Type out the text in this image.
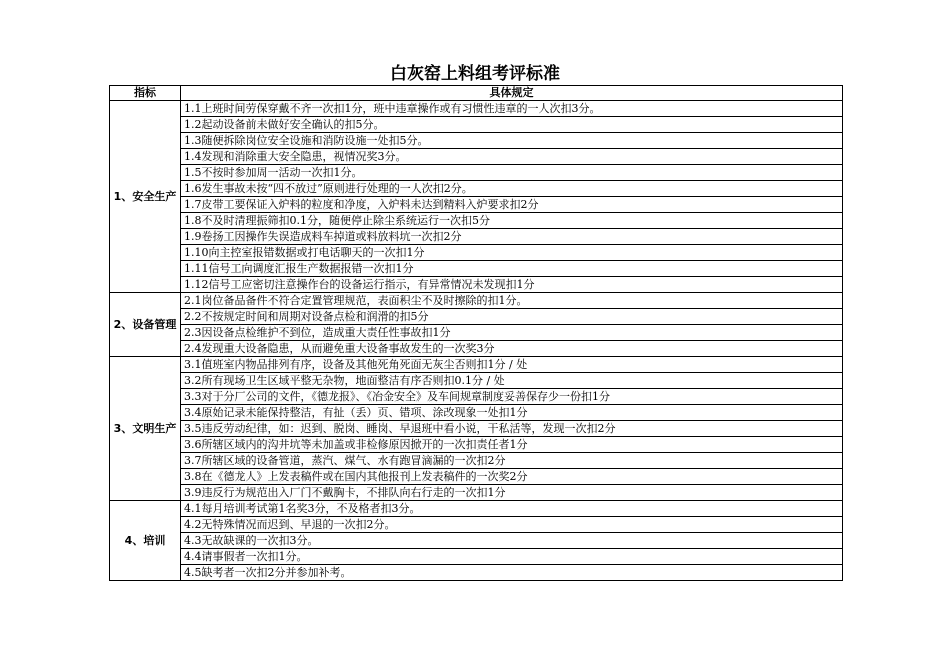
白灰窑上料组考评标准
指标	具体规定
1、安全生产	1.1上班时间劳保穿戴不齐一次扣1分，班中违章操作或有习惯性违章的一人次扣3分。
	1.2起动设备前未做好安全确认的扣5分。
	1.3随便拆除岗位安全设施和消防设施一处扣5分。
	1.4发现和消除重大安全隐患，视情况奖3分。
	1.5不按时参加周一活动一次扣1分。
	1.6发生事故未按“四不放过”原则进行处理的一人次扣2分。
	1.7皮带工要保证入炉料的粒度和净度，入炉料未达到精料入炉要求扣2分
	1.8不及时清理振筛扣0.1分，随便停止除尘系统运行一次扣5分
	1.9卷扬工因操作失误造成料车掉道或料放料坑一次扣2分
	1.10向主控室报错数据或打电话聊天的一次扣1分
	1.11信号工向调度汇报生产数据报错一次扣1分
	1.12信号工应密切注意操作台的设备运行指示，有异常情况未发现扣1分
2、设备管理	2.1岗位备品备件不符合定置管理规范，表面积尘不及时擦除的扣1分。
	2.2不按规定时间和周期对设备点检和润滑的扣5分
	2.3因设备点检维护不到位，造成重大责任性事故扣1分
	2.4发现重大设备隐患，从而避免重大设备事故发生的一次奖3分
3、文明生产	3.1值班室内物品排列有序，设备及其他死角死面无灰尘否则扣1分 / 处
	3.2所有现场卫生区域平整无杂物，地面整洁有序否则扣0.1分 / 处
	3.3对于分厂公司的文件，《德龙报》、《冶金安全》及车间规章制度妥善保存少一份扣1分
	3.4原始记录未能保持整洁，有扯（丢）页、错项、涂改现象一处扣1分
	3.5违反劳动纪律，如：迟到、脱岗、睡岗、早退班中看小说，干私活等，发现一次扣2分
	3.6所辖区域内的沟井坑等未加盖或非检修原因掀开的一次扣责任者1分
	3.7所辖区域的设备管道，蒸汽、煤气、水有跑冒滴漏的一次扣2分
	3.8在《德龙人》上发表稿件或在国内其他报刊上发表稿件的一次奖2分
	3.9违反行为规范出入厂门不戴胸卡，不排队向右行走的一次扣1分
4、培训	4.1每月培训考试第1名奖3分，不及格者扣3分。
	4.2无特殊情况而迟到、早退的一次扣2分。
	4.3无故缺课的一次扣3分。
	4.4请事假者一次扣1分。
	4.5缺考者一次扣2分并参加补考。
